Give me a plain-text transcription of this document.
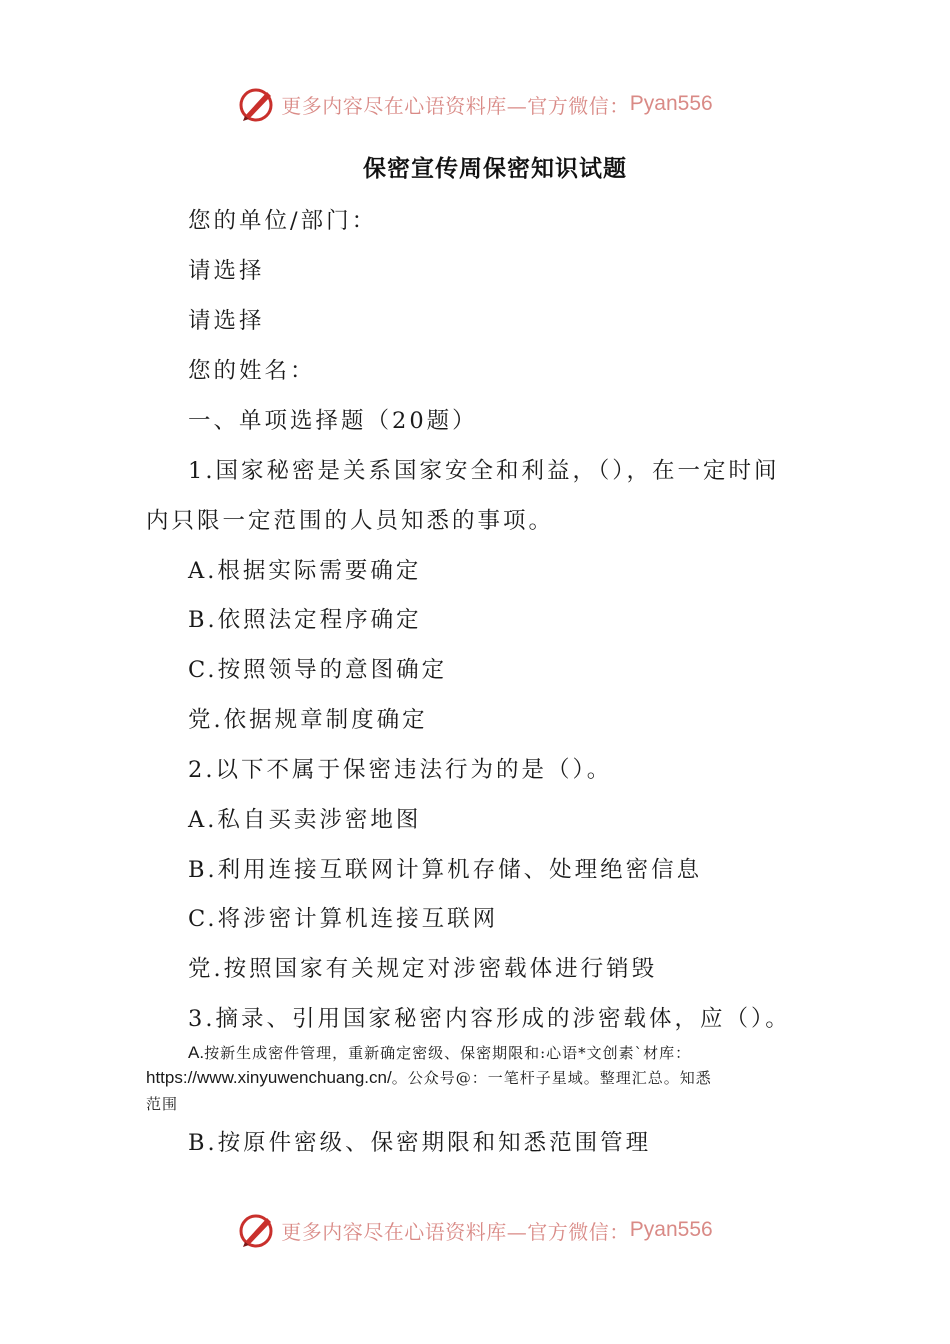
更多内容尽在心语资料库—官方微信： Pyan556
保密宣传周保密知识试题
您的单位/部门：
请选择
请选择
您的姓名：
一、单项选择题（20题）
1.国家秘密是关系国家安全和利益，（），在一定时间
内只限一定范围的人员知悉的事项。
A.根据实际需要确定
B.依照法定程序确定
C.按照领导的意图确定
党.依据规章制度确定
2.以下不属于保密违法行为的是（）。
A.私自买卖涉密地图
B.利用连接互联网计算机存储、处理绝密信息
C.将涉密计算机连接互联网
党.按照国家有关规定对涉密载体进行销毁
3.摘录、引用国家秘密内容形成的涉密载体，应（）。
A.按新生成密件管理，重新确定密级、保密期限和:心语*文创素`材库：
https://www.xinyuwenchuang.cn/。公众号@：一笔杆子星域。整理汇总。知悉
范围
B.按原件密级、保密期限和知悉范围管理
更多内容尽在心语资料库—官方微信： Pyan556
